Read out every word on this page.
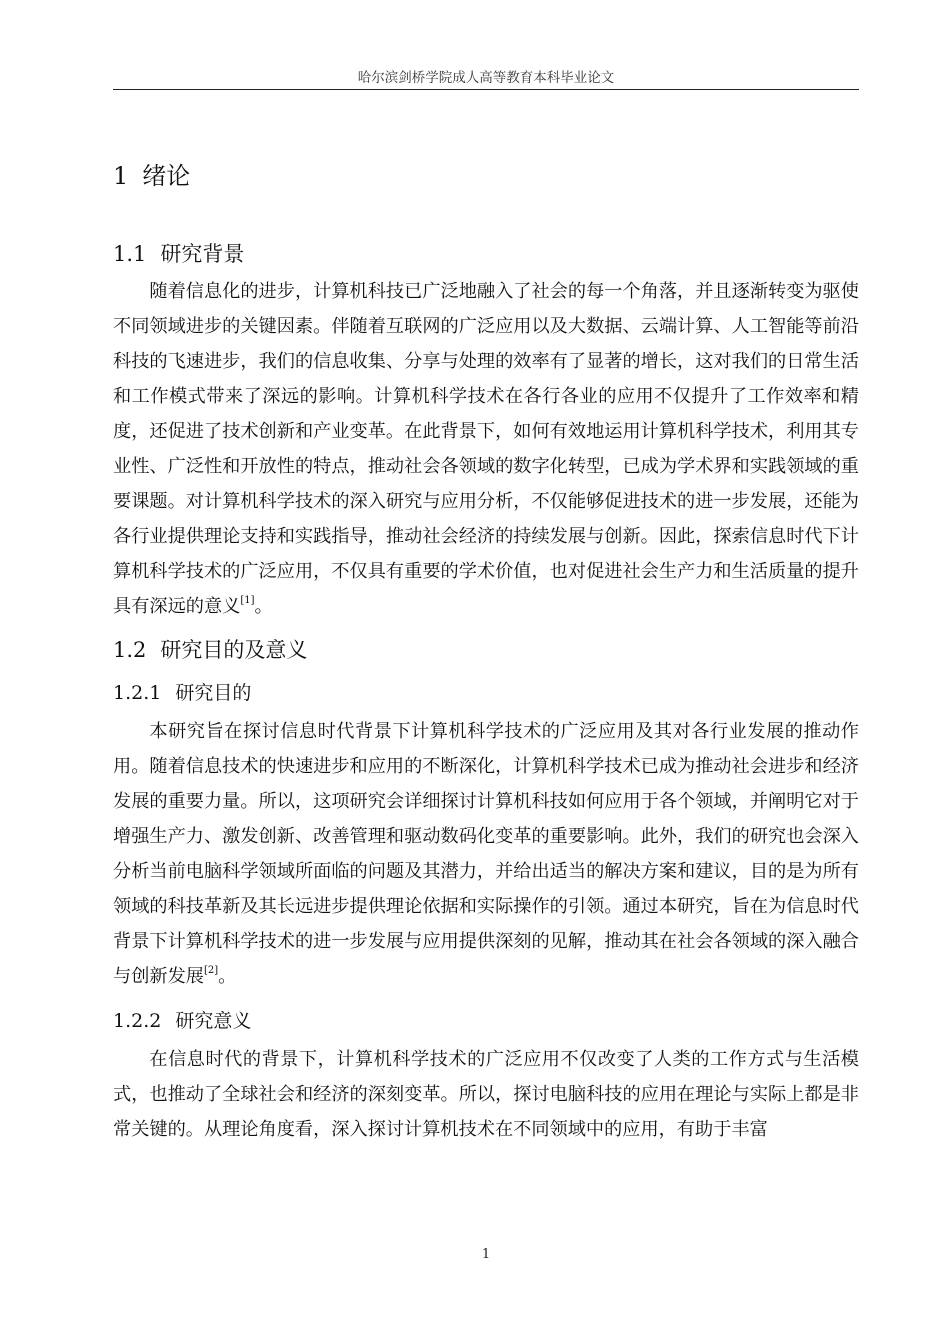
哈尔滨剑桥学院成人高等教育本科毕业论文
1 绪论
1.1 研究背景

随着信息化的进步，计算机科技已广泛地融入了社会的每一个角落，并且逐渐转变为驱使不同领域进步的关键因素。伴随着互联网的广泛应用以及大数据、云端计算、人工智能等前沿科技的飞速进步，我们的信息收集、分享与处理的效率有了显著的增长，这对我们的日常生活和工作模式带来了深远的影响。计算机科学技术在各行各业的应用不仅提升了工作效率和精度，还促进了技术创新和产业变革。在此背景下，如何有效地运用计算机科学技术，利用其专业性、广泛性和开放性的特点，推动社会各领域的数字化转型，已成为学术界和实践领域的重要课题。对计算机科学技术的深入研究与应用分析，不仅能够促进技术的进一步发展，还能为各行业提供理论支持和实践指导，推动社会经济的持续发展与创新。因此，探索信息时代下计算机科学技术的广泛应用，不仅具有重要的学术价值，也对促进社会生产力和生活质量的提升具有深远的意义[1]。

1.2 研究目的及意义
1.2.1 研究目的

本研究旨在探讨信息时代背景下计算机科学技术的广泛应用及其对各行业发展的推动作用。随着信息技术的快速进步和应用的不断深化，计算机科学技术已成为推动社会进步和经济发展的重要力量。所以，这项研究会详细探讨计算机科技如何应用于各个领域，并阐明它对于增强生产力、激发创新、改善管理和驱动数码化变革的重要影响。此外，我们的研究也会深入分析当前电脑科学领域所面临的问题及其潜力，并给出适当的解决方案和建议，目的是为所有领域的科技革新及其长远进步提供理论依据和实际操作的引领。通过本研究，旨在为信息时代背景下计算机科学技术的进一步发展与应用提供深刻的见解，推动其在社会各领域的深入融合与创新发展[2]。

1.2.2 研究意义

在信息时代的背景下，计算机科学技术的广泛应用不仅改变了人类的工作方式与生活模式，也推动了全球社会和经济的深刻变革。所以，探讨电脑科技的应用在理论与实际上都是非常关键的。从理论角度看，深入探讨计算机技术在不同领域中的应用，有助于丰富

1
